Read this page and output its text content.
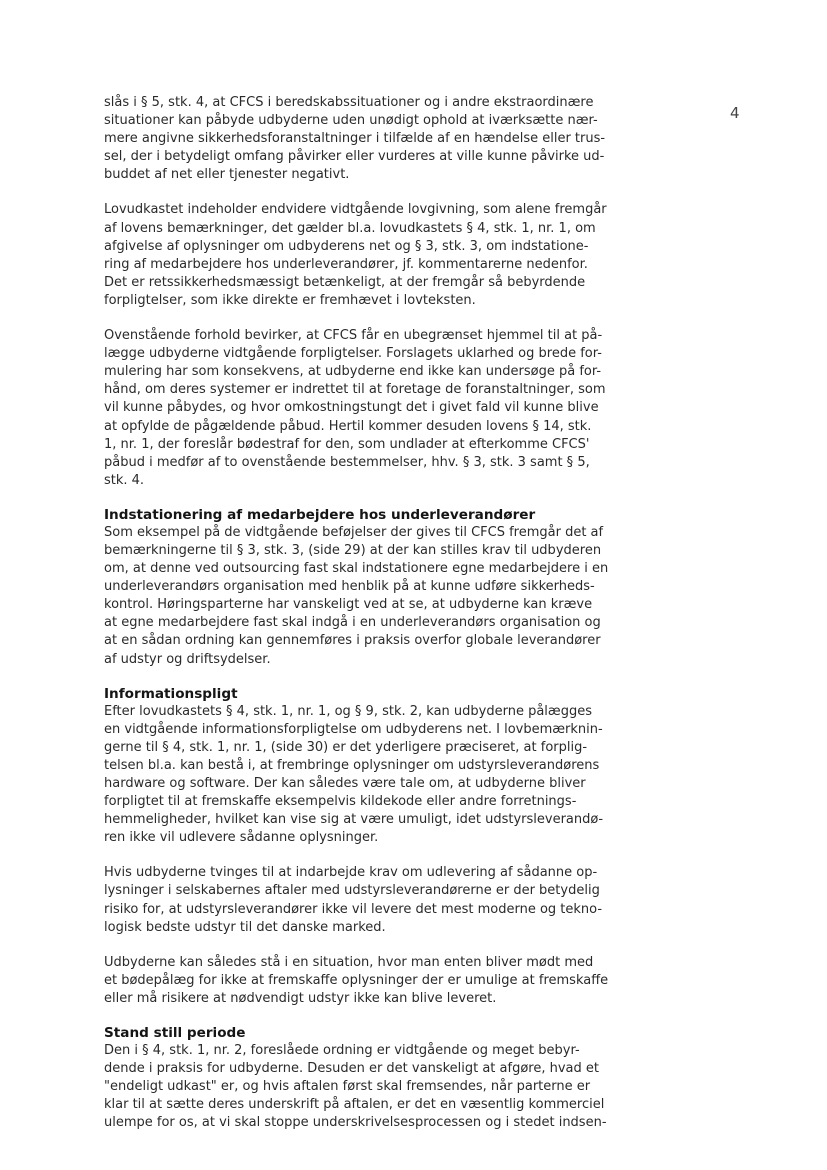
4

slås i § 5, stk. 4, at CFCS i beredskabssituationer og i andre ekstraordinære
situationer kan påbyde udbyderne uden unødigt ophold at iværksætte nær-
mere angivne sikkerhedsforanstaltninger i tilfælde af en hændelse eller trus-
sel, der i betydeligt omfang påvirker eller vurderes at ville kunne påvirke ud-
buddet af net eller tjenester negativt.

Lovudkastet indeholder endvidere vidtgående lovgivning, som alene fremgår
af lovens bemærkninger, det gælder bl.a. lovudkastets § 4, stk. 1, nr. 1, om
afgivelse af oplysninger om udbyderens net og § 3, stk. 3, om indstatione-
ring af medarbejdere hos underleverandører, jf. kommentarerne nedenfor.
Det er retssikkerhedsmæssigt betænkeligt, at der fremgår så bebyrdende
forpligtelser, som ikke direkte er fremhævet i lovteksten.

Ovenstående forhold bevirker, at CFCS får en ubegrænset hjemmel til at på-
lægge udbyderne vidtgående forpligtelser. Forslagets uklarhed og brede for-
mulering har som konsekvens, at udbyderne end ikke kan undersøge på for-
hånd, om deres systemer er indrettet til at foretage de foranstaltninger, som
vil kunne påbydes, og hvor omkostningstungt det i givet fald vil kunne blive
at opfylde de pågældende påbud. Hertil kommer desuden lovens § 14, stk.
1, nr. 1, der foreslår bødestraf for den, som undlader at efterkomme CFCS'
påbud i medfør af to ovenstående bestemmelser, hhv. § 3, stk. 3 samt § 5,
stk. 4.

Indstationering af medarbejdere hos underleverandører

Som eksempel på de vidtgående beføjelser der gives til CFCS fremgår det af
bemærkningerne til § 3, stk. 3, (side 29) at der kan stilles krav til udbyderen
om, at denne ved outsourcing fast skal indstationere egne medarbejdere i en
underleverandørs organisation med henblik på at kunne udføre sikkerheds-
kontrol. Høringsparterne har vanskeligt ved at se, at udbyderne kan kræve
at egne medarbejdere fast skal indgå i en underleverandørs organisation og
at en sådan ordning kan gennemføres i praksis overfor globale leverandører
af udstyr og driftsydelser.

Informationspligt

Efter lovudkastets § 4, stk. 1, nr. 1, og § 9, stk. 2, kan udbyderne pålægges
en vidtgående informationsforpligtelse om udbyderens net. I lovbemærknin-
gerne til § 4, stk. 1, nr. 1, (side 30) er det yderligere præciseret, at forplig-
telsen bl.a. kan bestå i, at frembringe oplysninger om udstyrsleverandørens
hardware og software. Der kan således være tale om, at udbyderne bliver
forpligtet til at fremskaffe eksempelvis kildekode eller andre forretnings-
hemmeligheder, hvilket kan vise sig at være umuligt, idet udstyrsleverandø-
ren ikke vil udlevere sådanne oplysninger.

Hvis udbyderne tvinges til at indarbejde krav om udlevering af sådanne op-
lysninger i selskabernes aftaler med udstyrsleverandørerne er der betydelig
risiko for, at udstyrsleverandører ikke vil levere det mest moderne og tekno-
logisk bedste udstyr til det danske marked.

Udbyderne kan således stå i en situation, hvor man enten bliver mødt med
et bødepålæg for ikke at fremskaffe oplysninger der er umulige at fremskaffe
eller må risikere at nødvendigt udstyr ikke kan blive leveret.

Stand still periode

Den i § 4, stk. 1, nr. 2, foreslåede ordning er vidtgående og meget bebyr-
dende i praksis for udbyderne. Desuden er det vanskeligt at afgøre, hvad et
"endeligt udkast" er, og hvis aftalen først skal fremsendes, når parterne er
klar til at sætte deres underskrift på aftalen, er det en væsentlig kommerciel
ulempe for os, at vi skal stoppe underskrivelsesprocessen og i stedet indsen-
